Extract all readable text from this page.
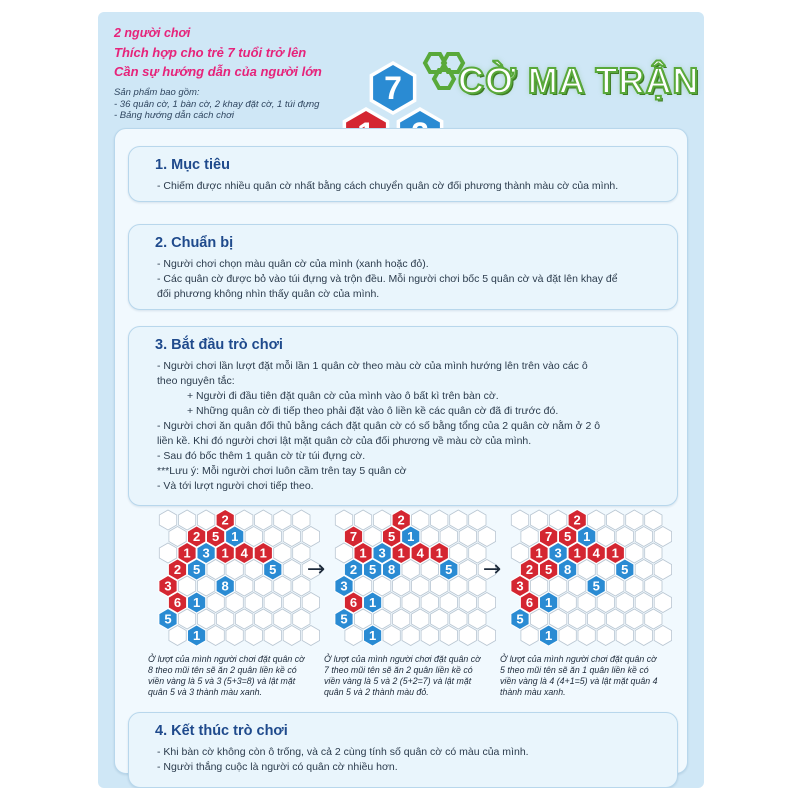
2 người chơi
Thích hợp cho trẻ 7 tuổi trở lên
Cần sự hướng dẫn của người lớn
Sản phẩm bao gồm:
- 36 quân cờ, 1 bàn cờ, 2 khay đặt cờ, 1 túi đựng
- Bảng hướng dẫn cách chơi
7 CỜ MA TRẬN
1. Mục tiêu

- Chiếm được nhiều quân cờ nhất bằng cách chuyển quân cờ đối phương thành màu cờ của mình.

2. Chuẩn bị

- Người chơi chọn màu quân cờ của mình (xanh hoặc đỏ).

- Các quân cờ được bỏ vào túi đựng và trộn đều. Mỗi người chơi bốc 5 quân cờ và đặt lên khay để

đối phương không nhìn thấy quân cờ của mình.

3. Bắt đầu trò chơi

- Người chơi lần lượt đặt mỗi lần 1 quân cờ theo màu cờ của mình hướng lên trên vào các ô

theo nguyên tắc:

+ Người đi đầu tiên đặt quân cờ của mình vào ô bất kì trên bàn cờ.

+ Những quân cờ đi tiếp theo phải đặt vào ô liền kề các quân cờ đã đi trước đó.

- Người chơi ăn quân đối thủ bằng cách đặt quân cờ có số bằng tổng của 2 quân cờ nằm ở 2 ô

liền kề. Khi đó người chơi lật mặt quân cờ của đối phương về màu cờ của mình.

- Sau đó bốc thêm 1 quân cờ từ túi đựng cờ.

***Lưu ý: Mỗi người chơi luôn cầm trên tay 5 quân cờ

- Và tới lượt người chơi tiếp theo.

2
2 5 1
1 3 1 4 1
2 5	5
3	8
6 1
5
1
2
7 5 1
1 3 1 4 1
2 5 8	5
3
6 1
5
1
2
7 5 1
1 3 1 4 1
2 5 8	5
3	5
6 1
5
1
→	→
Ở lượt của mình người chơi đặt quân cờ 8 theo mũi tên sẽ ăn 2 quân liền kề có viền vàng là 5 và 3 (5+3=8) và lật mặt quân 5 và 3 thành màu xanh.
Ở lượt của mình người chơi đặt quân cờ 7 theo mũi tên sẽ ăn 2 quân liền kề có viền vàng là 5 và 2 (5+2=7) và lật mặt quân 5 và 2 thành màu đỏ.
Ở lượt của mình người chơi đặt quân cờ 5 theo mũi tên sẽ ăn 1 quân liền kề có viền vàng là 4 (4+1=5) và lật mặt quân 4 thành màu xanh.
4. Kết thúc trò chơi

- Khi bàn cờ không còn ô trống, và cả 2 cùng tính số quân cờ có màu của mình.

- Người thắng cuộc là người có quân cờ nhiều hơn.
